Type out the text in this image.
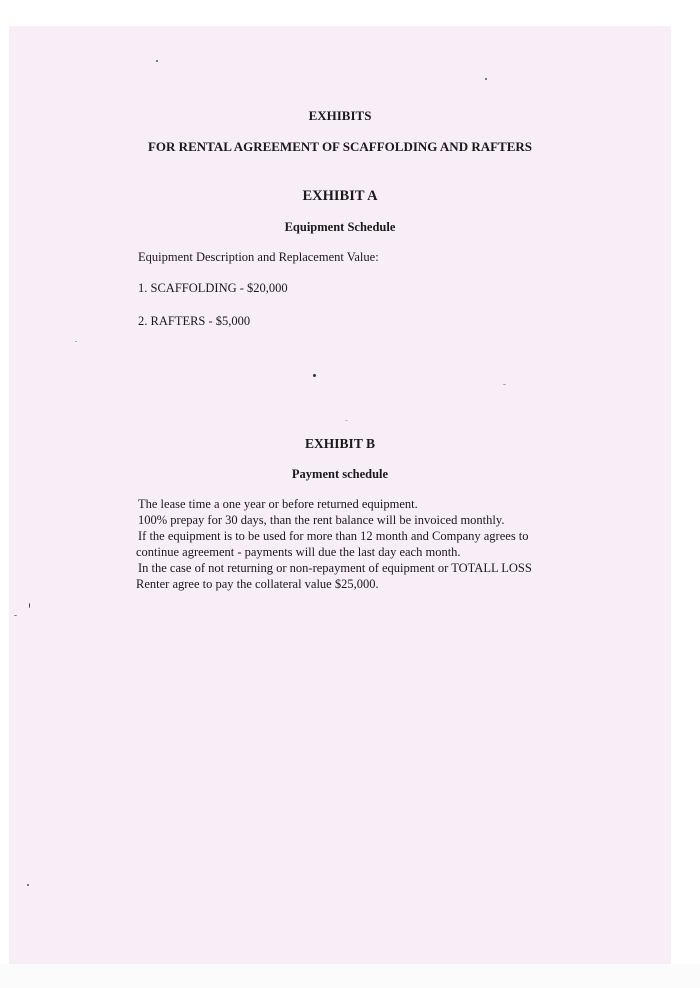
EXHIBITS

FOR RENTAL AGREEMENT OF SCAFFOLDING AND RAFTERS

EXHIBIT A

Equipment Schedule

Equipment Description and Replacement Value:

1. SCAFFOLDING - $20,000

2. RAFTERS - $5,000

EXHIBIT B

Payment schedule

The lease time a one year or before returned equipment.
100% prepay for 30 days, than the rent balance will be invoiced monthly.
If the equipment is to be used for more than 12 month and Company agrees to
continue agreement - payments will due the last day each month.
In the case of not returning or non-repayment of equipment or TOTALL LOSS
Renter agree to pay the collateral value $25,000.
